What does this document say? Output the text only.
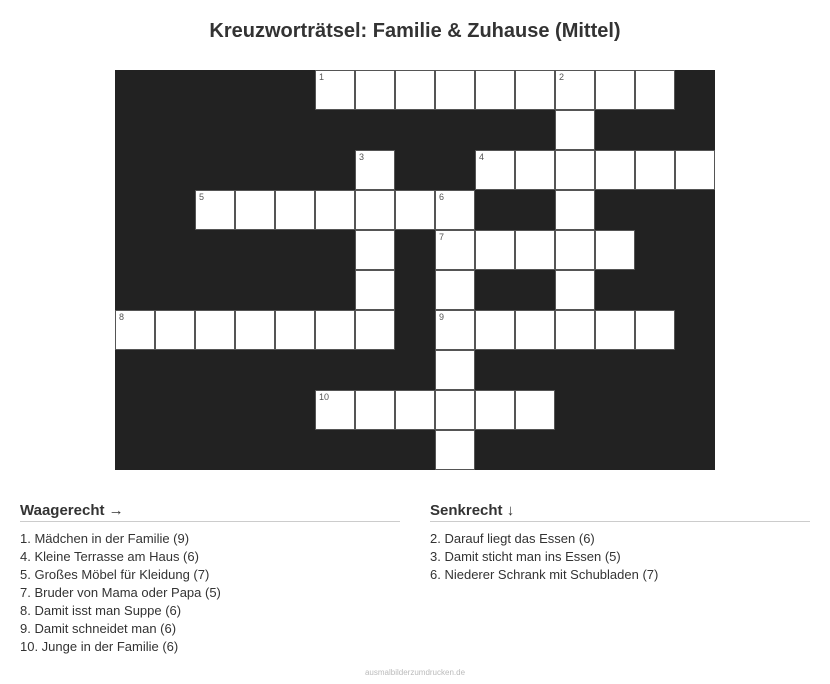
Kreuzworträtsel: Familie & Zuhause (Mittel)
1	2
3	4
5	6
7
8	9
10
Waagerecht →
1. Mädchen in der Familie (9)
4. Kleine Terrasse am Haus (6)
5. Großes Möbel für Kleidung (7)
7. Bruder von Mama oder Papa (5)
8. Damit isst man Suppe (6)
9. Damit schneidet man (6)
10. Junge in der Familie (6)
Senkrecht ↓
2. Darauf liegt das Essen (6)
3. Damit sticht man ins Essen (5)
6. Niederer Schrank mit Schubladen (7)
ausmalbilderzumdrucken.de
